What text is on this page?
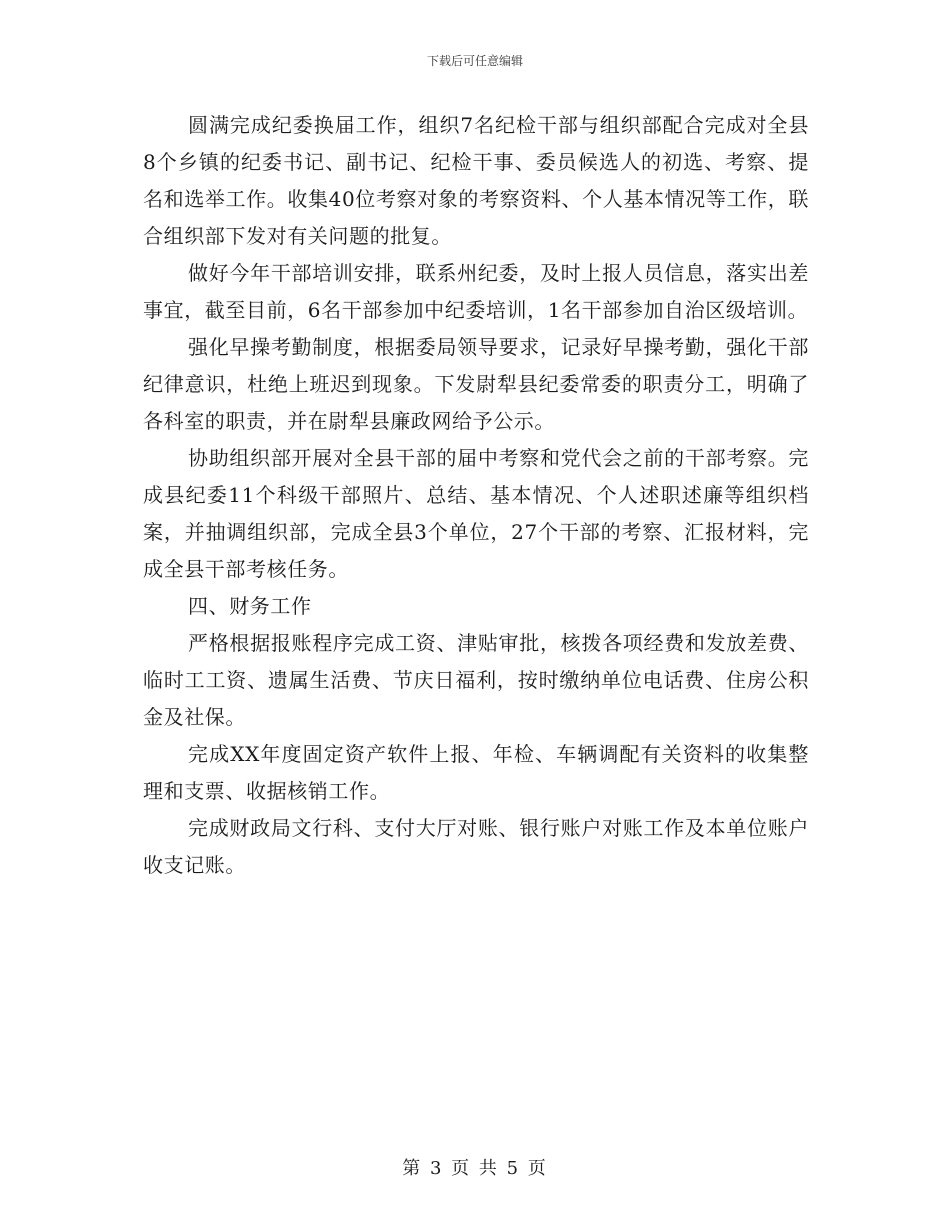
下载后可任意编辑

圆满完成纪委换届工作，组织7名纪检干部与组织部配合完成对全县8个乡镇的纪委书记、副书记、纪检干事、委员候选人的初选、考察、提名和选举工作。收集40位考察对象的考察资料、个人基本情况等工作，联合组织部下发对有关问题的批复。

做好今年干部培训安排，联系州纪委，及时上报人员信息，落实出差事宜，截至目前，6名干部参加中纪委培训，1名干部参加自治区级培训。

强化早操考勤制度，根据委局领导要求，记录好早操考勤，强化干部纪律意识，杜绝上班迟到现象。下发尉犁县纪委常委的职责分工，明确了各科室的职责，并在尉犁县廉政网给予公示。

协助组织部开展对全县干部的届中考察和党代会之前的干部考察。完成县纪委11个科级干部照片、总结、基本情况、个人述职述廉等组织档案，并抽调组织部，完成全县3个单位，27个干部的考察、汇报材料，完成全县干部考核任务。

四、财务工作

严格根据报账程序完成工资、津贴审批，核拨各项经费和发放差费、临时工工资、遗属生活费、节庆日福利，按时缴纳单位电话费、住房公积金及社保。

完成XX年度固定资产软件上报、年检、车辆调配有关资料的收集整理和支票、收据核销工作。

完成财政局文行科、支付大厅对账、银行账户对账工作及本单位账户收支记账。

第 3 页 共 5 页
